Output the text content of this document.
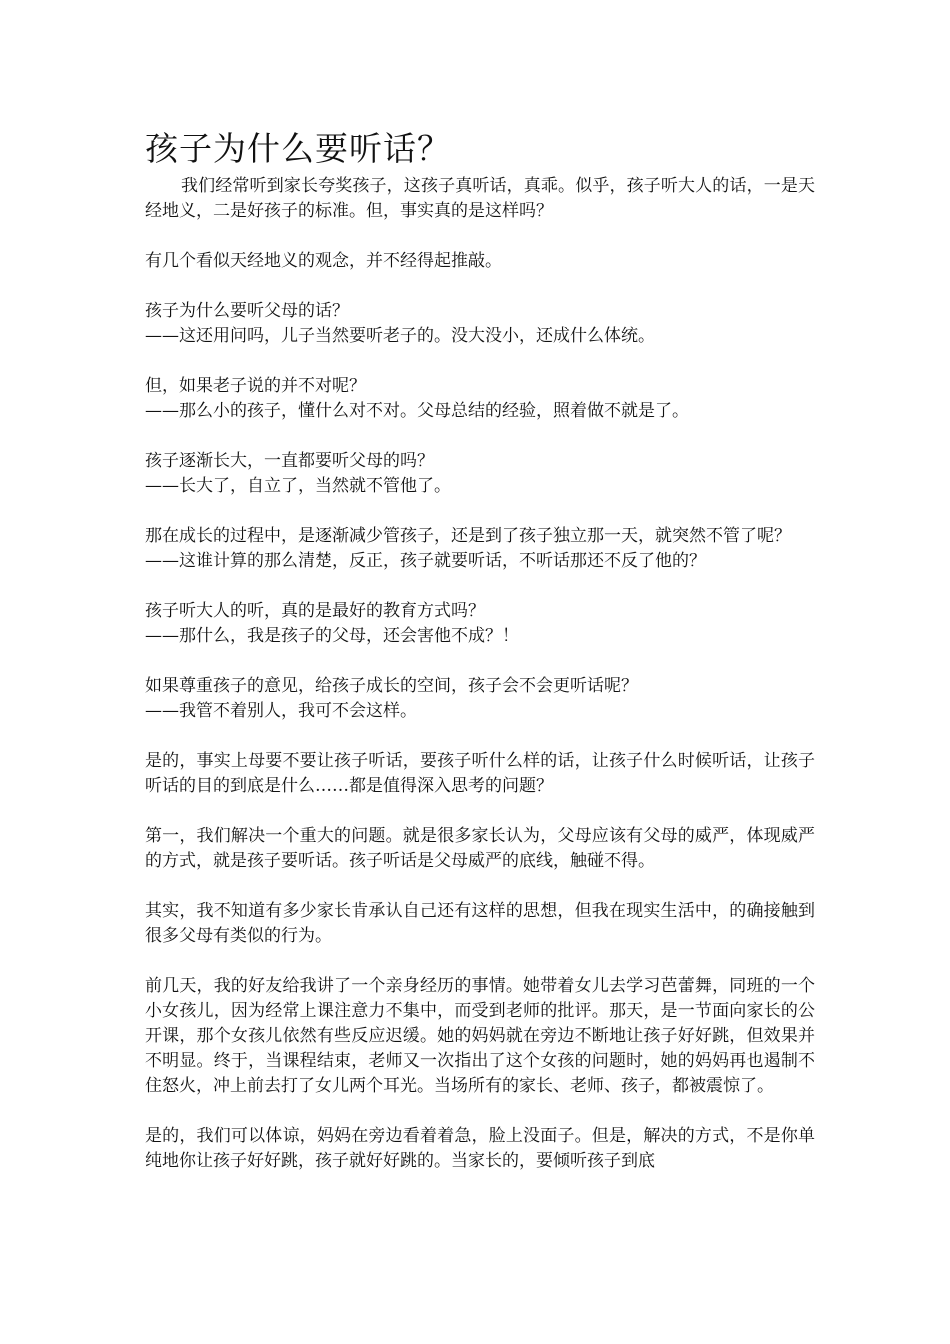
孩子为什么要听话？

我们经常听到家长夸奖孩子，这孩子真听话，真乖。似乎，孩子听大人的话，一是天经地义，二是好孩子的标准。但，事实真的是这样吗？

有几个看似天经地义的观念，并不经得起推敲。

孩子为什么要听父母的话？

——这还用问吗，儿子当然要听老子的。没大没小，还成什么体统。

但，如果老子说的并不对呢？

——那么小的孩子，懂什么对不对。父母总结的经验，照着做不就是了。

孩子逐渐长大，一直都要听父母的吗？

——长大了，自立了，当然就不管他了。

那在成长的过程中，是逐渐减少管孩子，还是到了孩子独立那一天，就突然不管了呢？

——这谁计算的那么清楚，反正，孩子就要听话，不听话那还不反了他的？

孩子听大人的听，真的是最好的教育方式吗？

——那什么，我是孩子的父母，还会害他不成？！

如果尊重孩子的意见，给孩子成长的空间，孩子会不会更听话呢？

——我管不着别人，我可不会这样。

是的，事实上母要不要让孩子听话，要孩子听什么样的话，让孩子什么时候听话，让孩子听话的目的到底是什么……都是值得深入思考的问题？

第一，我们解决一个重大的问题。就是很多家长认为，父母应该有父母的威严，体现威严的方式，就是孩子要听话。孩子听话是父母威严的底线，触碰不得。

其实，我不知道有多少家长肯承认自己还有这样的思想，但我在现实生活中，的确接触到很多父母有类似的行为。

前几天，我的好友给我讲了一个亲身经历的事情。她带着女儿去学习芭蕾舞，同班的一个小女孩儿，因为经常上课注意力不集中，而受到老师的批评。那天，是一节面向家长的公开课，那个女孩儿依然有些反应迟缓。她的妈妈就在旁边不断地让孩子好好跳，但效果并不明显。终于，当课程结束，老师又一次指出了这个女孩的问题时，她的妈妈再也遏制不住怒火，冲上前去打了女儿两个耳光。当场所有的家长、老师、孩子，都被震惊了。

是的，我们可以体谅，妈妈在旁边看着着急，脸上没面子。但是，解决的方式，不是你单纯地你让孩子好好跳，孩子就好好跳的。当家长的，要倾听孩子到底
